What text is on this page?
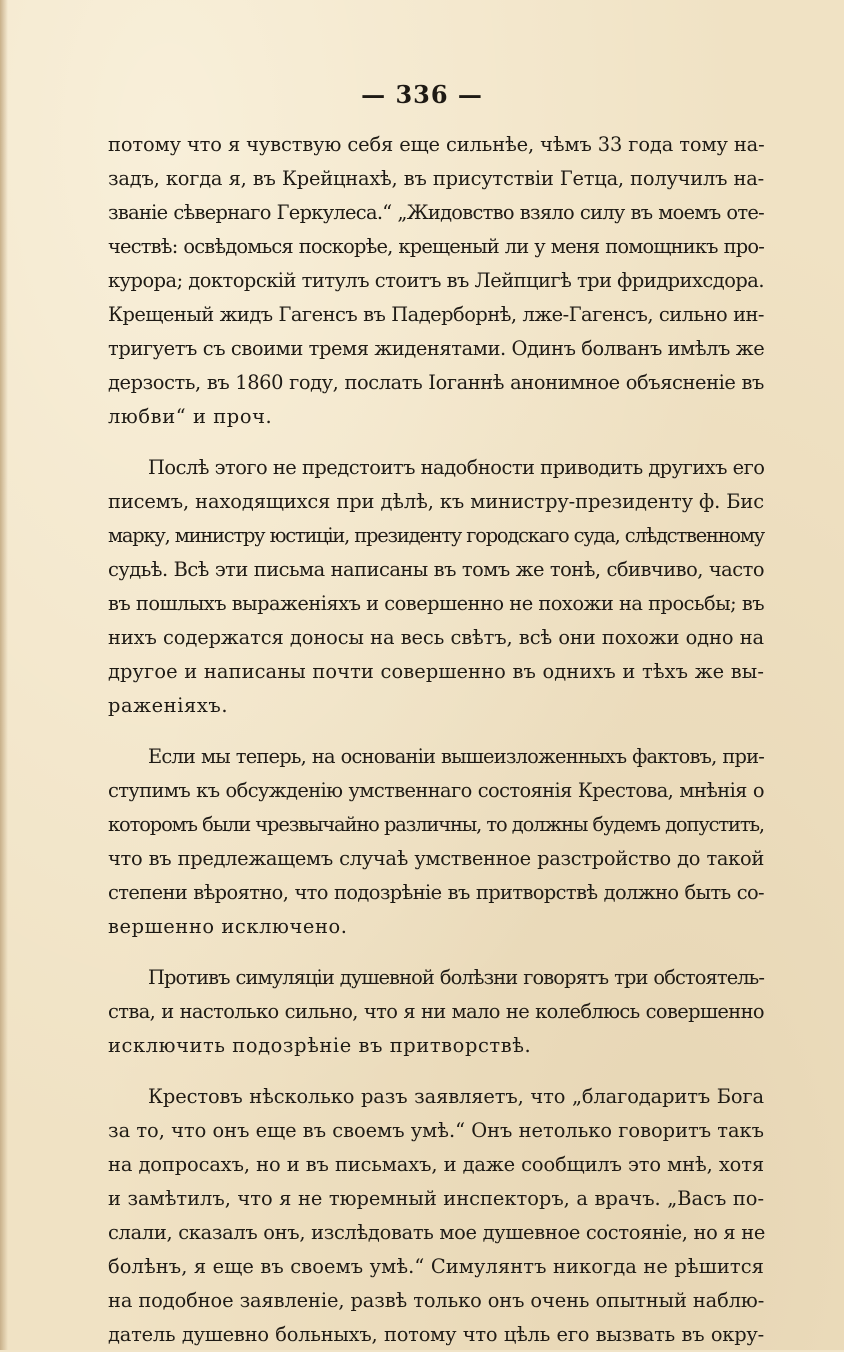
— 336 —
потому что я чувствую себя еще сильнѣе, чѣмъ 33 года тому на-
задъ, когда я, въ Крейцнахѣ, въ присутствіи Гетца, получилъ на-
званіе сѣвернаго Геркулеса.“ „Жидовство взяло силу въ моемъ оте-
чествѣ: освѣдомься поскорѣе, крещеный ли у меня помощникъ про-
курора; докторскій титулъ стоитъ въ Лейпцигѣ три фридрихсдора.
Крещеный жидъ Гагенсъ въ Падерборнѣ, лже-Гагенсъ, сильно ин-
тригуетъ съ своими тремя жиденятами. Одинъ болванъ имѣлъ же
дерзость, въ 1860 году, послать Іоганнѣ анонимное объясненіе въ
любви“ и проч.
Послѣ этого не предстоитъ надобности приводить другихъ его
писемъ, находящихся при дѣлѣ, къ министру-президенту ф. Бис
марку, министру юстиціи, президенту городскаго суда, слѣдственному
судьѣ. Всѣ эти письма написаны въ томъ же тонѣ, сбивчиво, часто
въ пошлыхъ выраженіяхъ и совершенно не похожи на просьбы; въ
нихъ содержатся доносы на весь свѣтъ, всѣ они похожи одно на
другое и написаны почти совершенно въ однихъ и тѣхъ же вы-
раженіяхъ.
Если мы теперь, на основаніи вышеизложенныхъ фактовъ, при-
ступимъ къ обсужденію умственнаго состоянія Крестова, мнѣнія о
которомъ были чрезвычайно различны, то должны будемъ допустить,
что въ предлежащемъ случаѣ умственное разстройство до такой
степени вѣроятно, что подозрѣніе въ притворствѣ должно быть со-
вершенно исключено.
Противъ симуляціи душевной болѣзни говорятъ три обстоятель-
ства, и настолько сильно, что я ни мало не колеблюсь совершенно
исключить подозрѣніе въ притворствѣ.
Крестовъ нѣсколько разъ заявляетъ, что „благодаритъ Бога
за то, что онъ еще въ своемъ умѣ.“ Онъ нетолько говоритъ такъ
на допросахъ, но и въ письмахъ, и даже сообщилъ это мнѣ, хотя
и замѣтилъ, что я не тюремный инспекторъ, а врачъ. „Васъ по-
слали, сказалъ онъ, изслѣдовать мое душевное состояніе, но я не
болѣнъ, я еще въ своемъ умѣ.“ Симулянтъ никогда не рѣшится
на подобное заявленіе, развѣ только онъ очень опытный наблю-
датель душевно больныхъ, потому что цѣль его вызвать въ окру-
